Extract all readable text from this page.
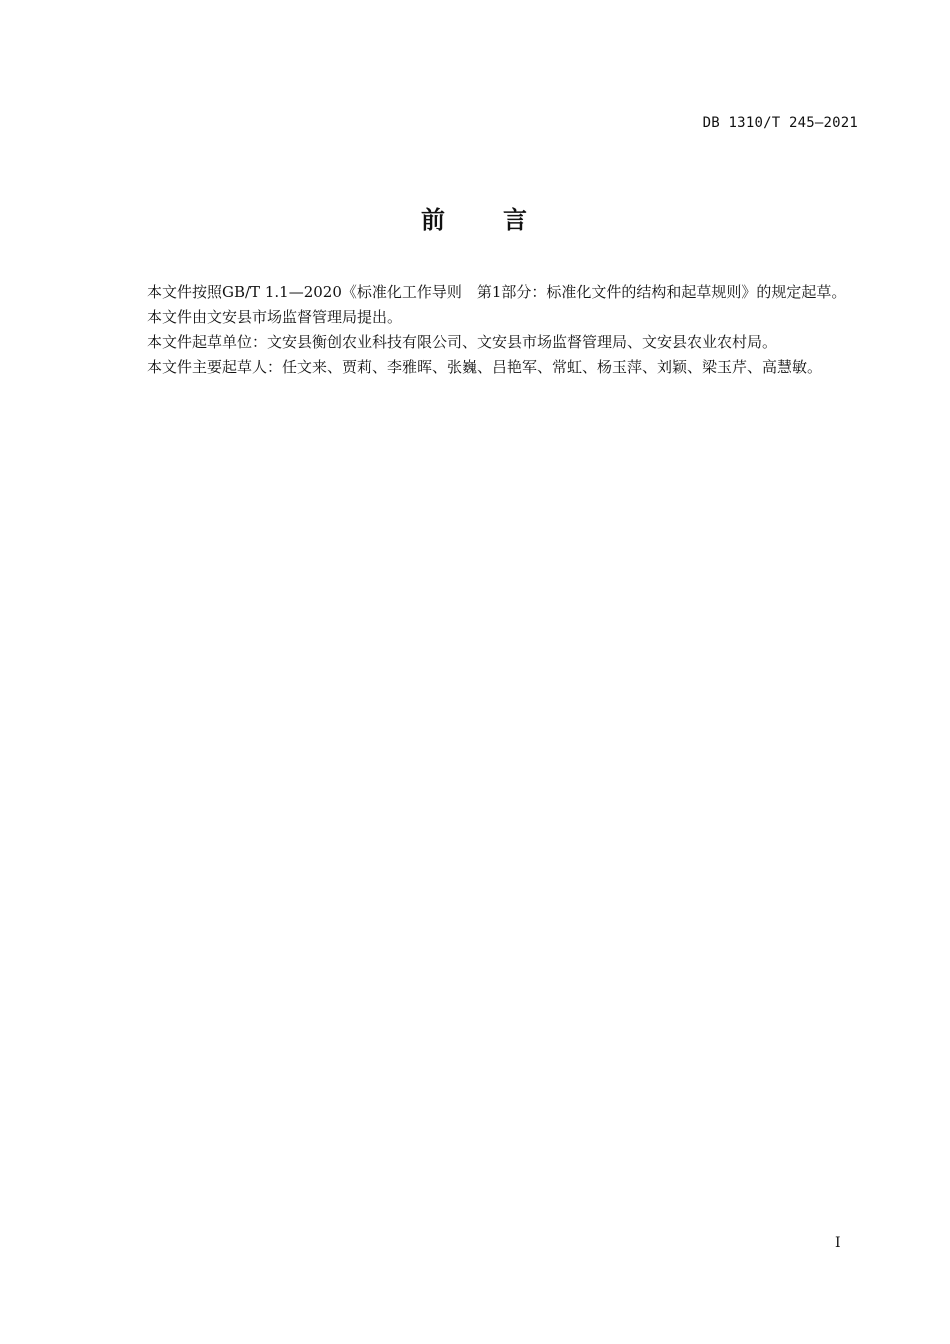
DB 1310/T 245—2021
前 言

本文件按照GB/T 1.1—2020《标准化工作导则　第1部分：标准化文件的结构和起草规则》的规定起草。

本文件由文安县市场监督管理局提出。

本文件起草单位：文安县衡创农业科技有限公司、文安县市场监督管理局、文安县农业农村局。

本文件主要起草人：任文来、贾莉、李雅晖、张巍、吕艳军、常虹、杨玉萍、刘颖、梁玉芹、高慧敏。

I
